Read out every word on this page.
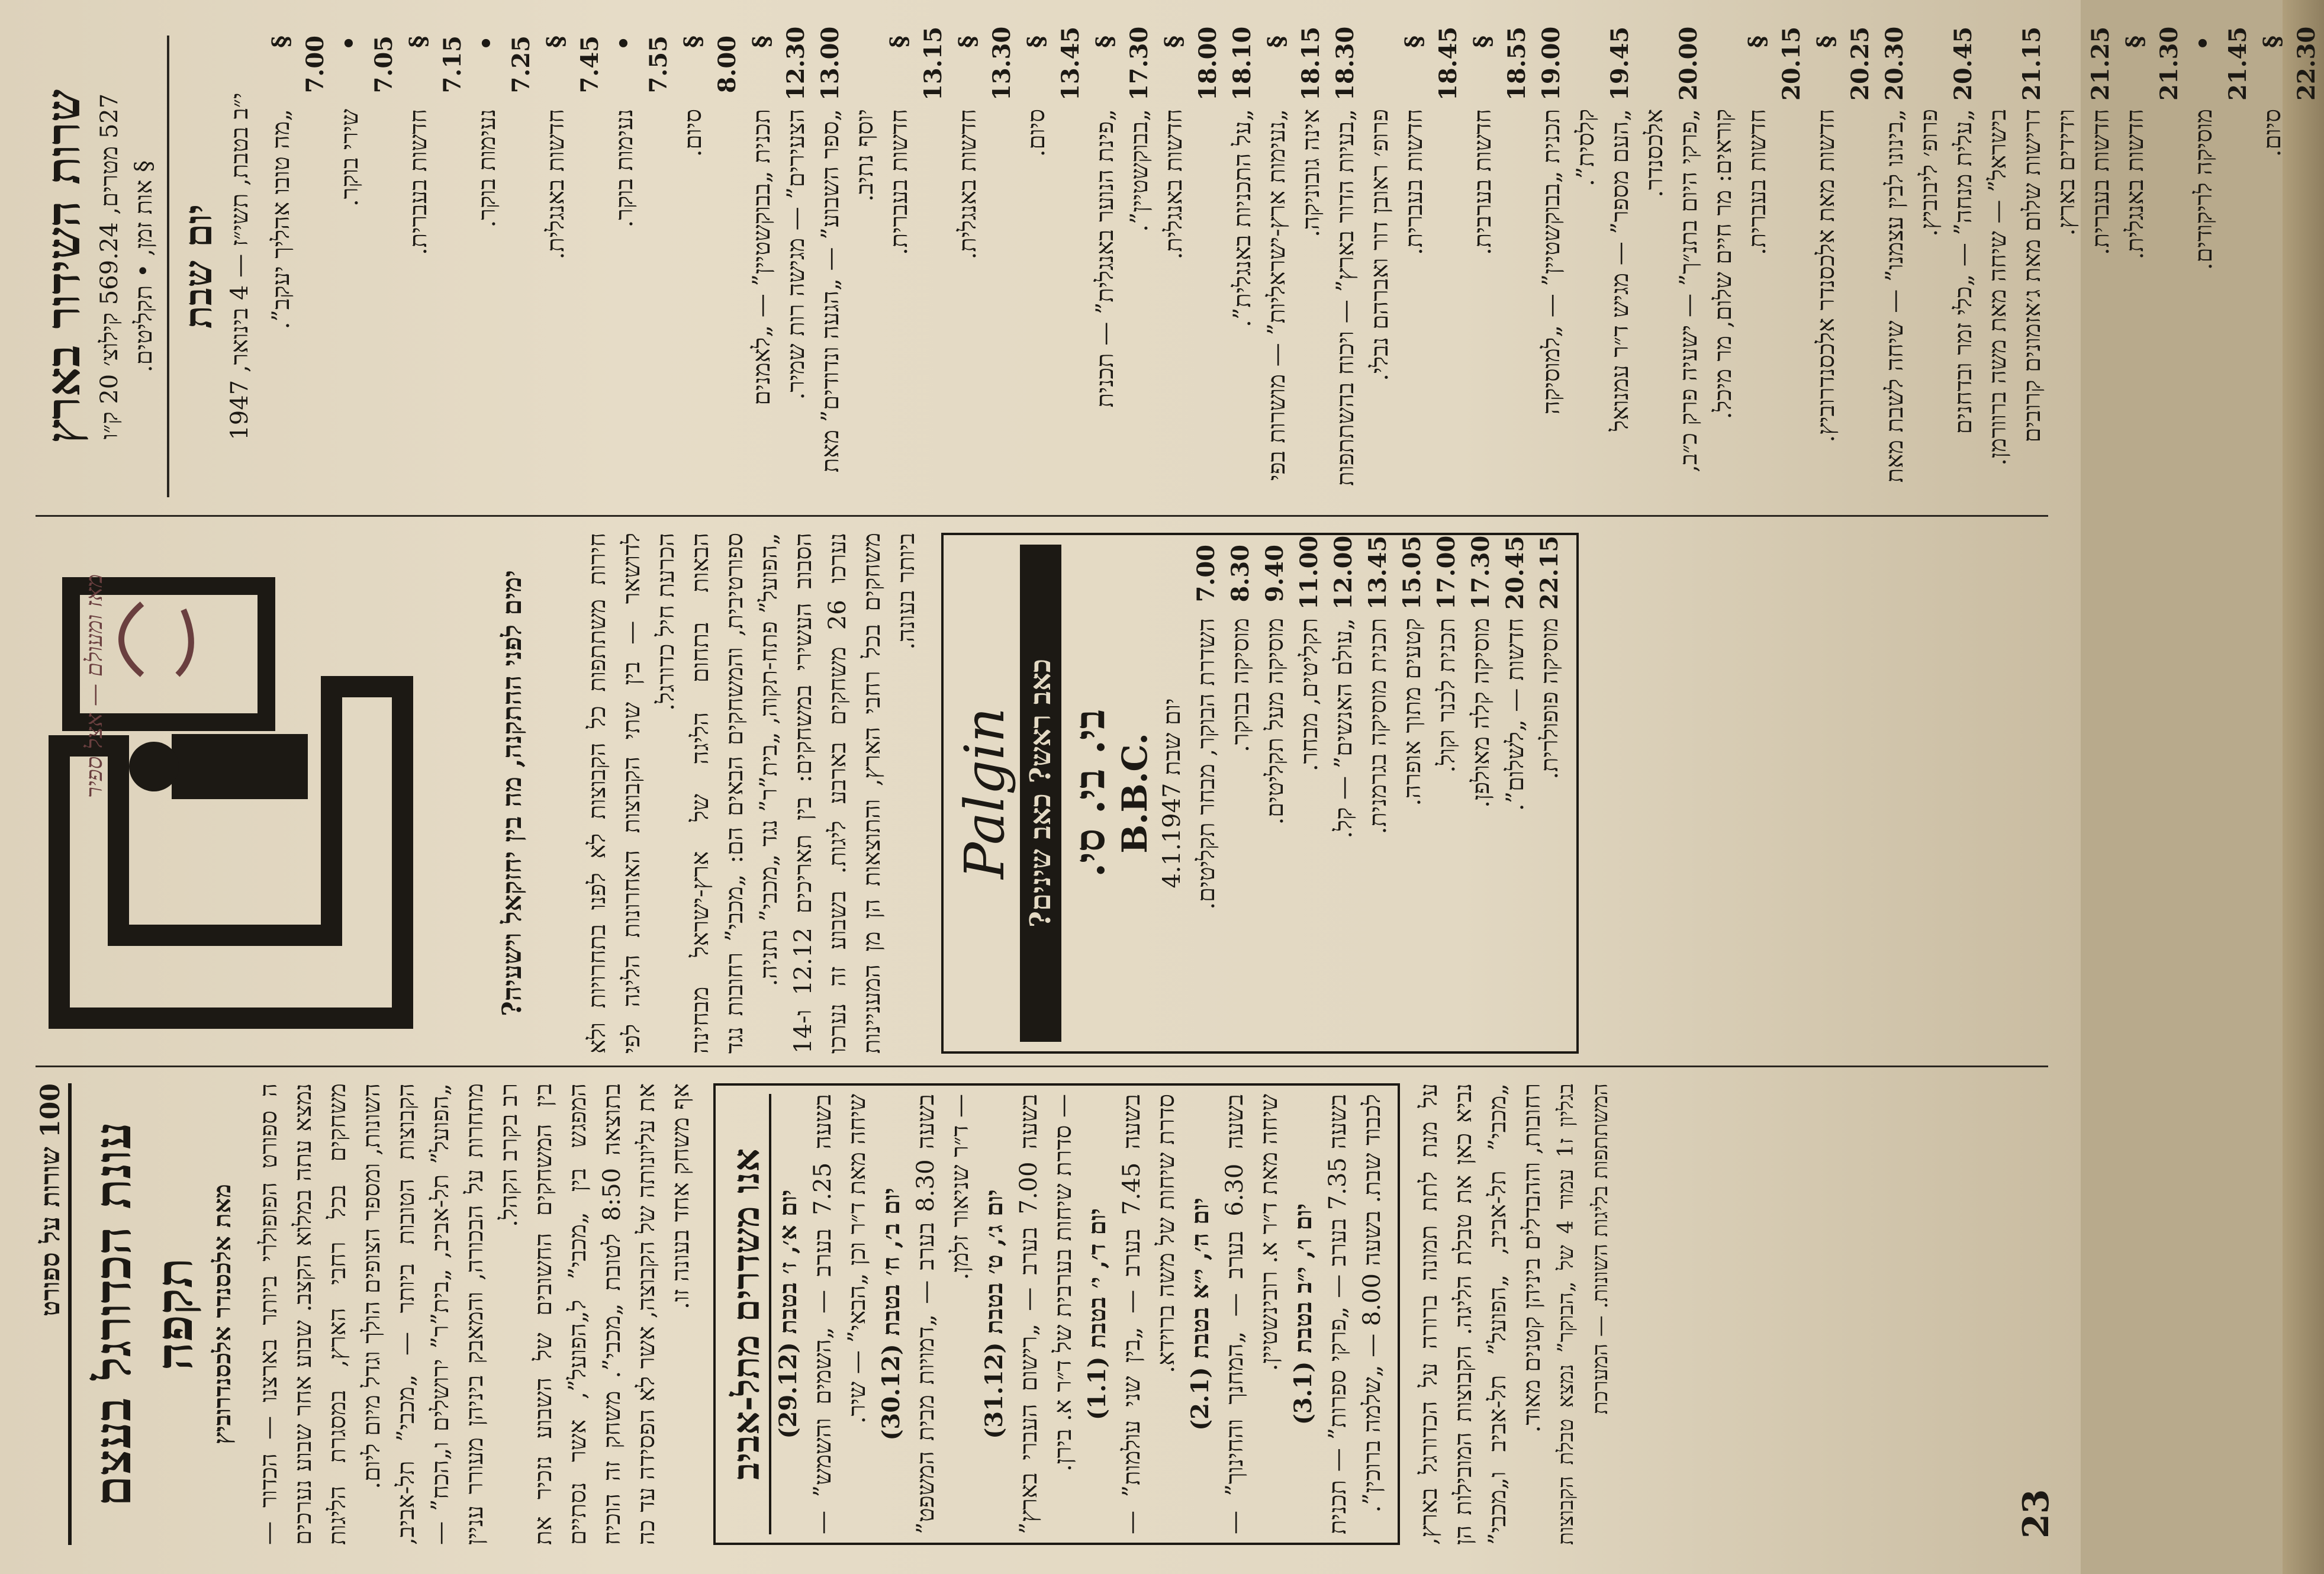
שרות השידור בארץ 527 מטרים, 569.24 קילוצ׳ 20 ק״ו
§ אות זמן, • תקליטים. יום שבת
י״ב בטבת, תשי״ז — 4 בינואר, 1947
§ 7.00
„מה טובו אהליך יעקב”.
• 7.05
שירי בוקר.
§ 7.15
חדשות בעברית.
• 7.25
נעימות בוקר.
§ 7.45
חדשות באנגלית.
• 7.55
נעימות בוקר.
§ 8.00
סיום.
§ 12.30
תכנית „בבוקשטיין” — „לאמנים הצעירים” — מגישה רות שמיר.
13.00
„ספר השבוע” — „הגעה ונדודים” מאת יוסף נתיב.
§ 13.15
חדשות בעברית.
§ 13.30
חדשות באנגלית.
§ 13.45
סיום.
§ 17.30
„פינת הנוער באנגלית” — תכנית „בבוקשטיין”.
§ 18.00
חדשות באנגלית.
18.10
„על התכניות באנגלית”.
§ 18.15
„נעימות ארץ-ישראליות” — מושרות בפי אינה גובוניקה.
18.30
„בעיות הדור בארץ” — ויכוח בהשתתפות פרופ׳ ראובן דור ואברהם נבלי.
§ 18.45
חדשות בעברית.
§ 18.55
חדשות בערבית.
19.00
תכנית „בבוקשטיין” — „למוסיקה קלסית”.
19.45
„העם מספר” — מגיש ד״ר עמנואל אלכסנדר.
20.00
„פרקי היום בתנ״ך” — ישעיה פרק כ״ב, קוראים: מר חיים שלום, מר מיכל.
§ 20.15
חדשות בעברית.
§ 20.25
חדשות מאת אלכסנדר אלכסנדרוביץ.
20.30
„בינונו לבין עצמנו” — שיחה לשבת מאת פרופ׳ ליבוביץ.
20.45
„עלית מנחה” — „כלי זמר ובדחנים בישראל” — שיחה מאת משה ברוורמן.
21.15
דרישות שלום מאת ג׳אזמונים קרובים וידידים בארץ.
21.25
חדשות בעברית.
§ 21.30
חדשות באנגלית.
• 21.45
מוסיקה לריקודים.
§ 22.30
סיום.
מאז ומעולם — אצל ספיר	ימים לפני ההתקנה, מה בין יחזקאל וישעיה? חירות משתתפות כל הקבוצות לא לפנו בתחרויות ולא לדושאר — בין שתי הקבוצות האחרונות הליגה לפי הכרעת חיל כדורגל. הבאות בתחום הליגה של ארץ-ישראל מבחינה ספורטיבית, והמשחקים הבאים הם: „מכבי” רחובות נגד „הפועל” פתח-תקוה, „בית”ר” נגד „מכבי” נתניה.
הסבוב העשירי במשחקים: בין תאריכים 12.12 ו-14 נערכו 26 משחקים בארבע ליגות. בשבוע זה נערכו משחקים בכל רחבי הארץ, והתוצאות הן מן המעניינות ביותר בעונה.
Palgin כאב ראש? כאב שינים? בי. בי. סי. B.B.C. יום שבת 4.1.1947
7.00
השדרת הבוקר, מבחר תקליטים.
8.30
מוסיקה בבוקר.
9.40
מוסיקה מעל תקליטים.
11.00
תקליטים, מבחר.
12.00
„עולם האנשים” — קל.
13.45
תכנית מוסיקה בגרמנית.
15.05
קטעים מתוך אופרה.
17.00
תכנית לכנר וקול.
17.30
מוסיקה קלה מאולפן.
20.45
חדשות — „לשלום”.
22.15
מוסיקה פופולרית.
100 שורות על ספורט
עונת הכדורגל בעצם תקפה מאת אלכסנדר אלכסנדרוביץ ה ספורט הפופולרי ביותר בארצנו — הכדור — נמצא עתה במלוא הקצב. שבוע אחר שבוע נערכים משחקים בכל רחבי הארץ, במסגרת הליגות השונות, ומספר הצופים הולך וגדל מיום ליום. הקבוצות הטובות ביותר — „מכבי” תל-אביב, „הפועל” תל-אביב, „בית”ר” ירושלים ו„הכח” — מתחרות על הבכורה, והמאבק ביניהן מעורר עניין רב בקרב הקהל. בין המשחקים החשובים של השבוע נזכיר את המפגש בין „מכבי” ל„הפועל”, אשר נסתיים בתוצאה 8:50 לטובת „מכבי”. משחק זה הוכיח את עליונותה של הקבוצה, אשר לא הפסידה עד כה אף משחק אחד בעונה זו. אנו משדרים מתל-אביב יום א׳, ז׳ בטבת (29.12) בשעה 7.25 בערב — „השמים והשמש” — שיחה מאת ד״ר וכן „הבאי” — שיר.
יום ב׳, ח׳ בטבת (30.12) בשעה 8.30 בערב — „דמויות מבית המשפט” — ד״ר שניאור זלמן.
יום ג׳, ט׳ בטבת (31.12) בשעה 7.00 בערב — „רישום העברי בארץ” — סדרת שיחות בערבית של ד״ר א. בירן. יום ד׳, י׳ בטבת (1.1) בשעה 7.45 בערב — „בין שני עולמות” — סדרת שיחות של משה ברוידא.
יום ה׳, י״א בטבת (2.1) בשעה 6.30 בערב — „המחנך והחינוך” — שיחה מאת ד״ר א. רובינשטיין.
יום ו׳, י״ב בטבת (3.1) בשעה 7.35 בערב — „פרקי ספרות” — תכנית לכבוד שבת. בשעה 8.00 — „שלמה ברוכין”. על מנת לתת תמונה ברורה על הכדורגל בארץ, נביא כאן את טבלת הליגה. הקבוצות המובילות הן „מכבי” תל-אביב, „הפועל” תל-אביב ו„מכבי” רחובות, וההבדלים ביניהן קטנים מאוד. בגליון ז1 עמוד 4 של „הבוקר” נמצא טבלת הקבוצות המשתתפות בליגות השונות. — המערכת
23
